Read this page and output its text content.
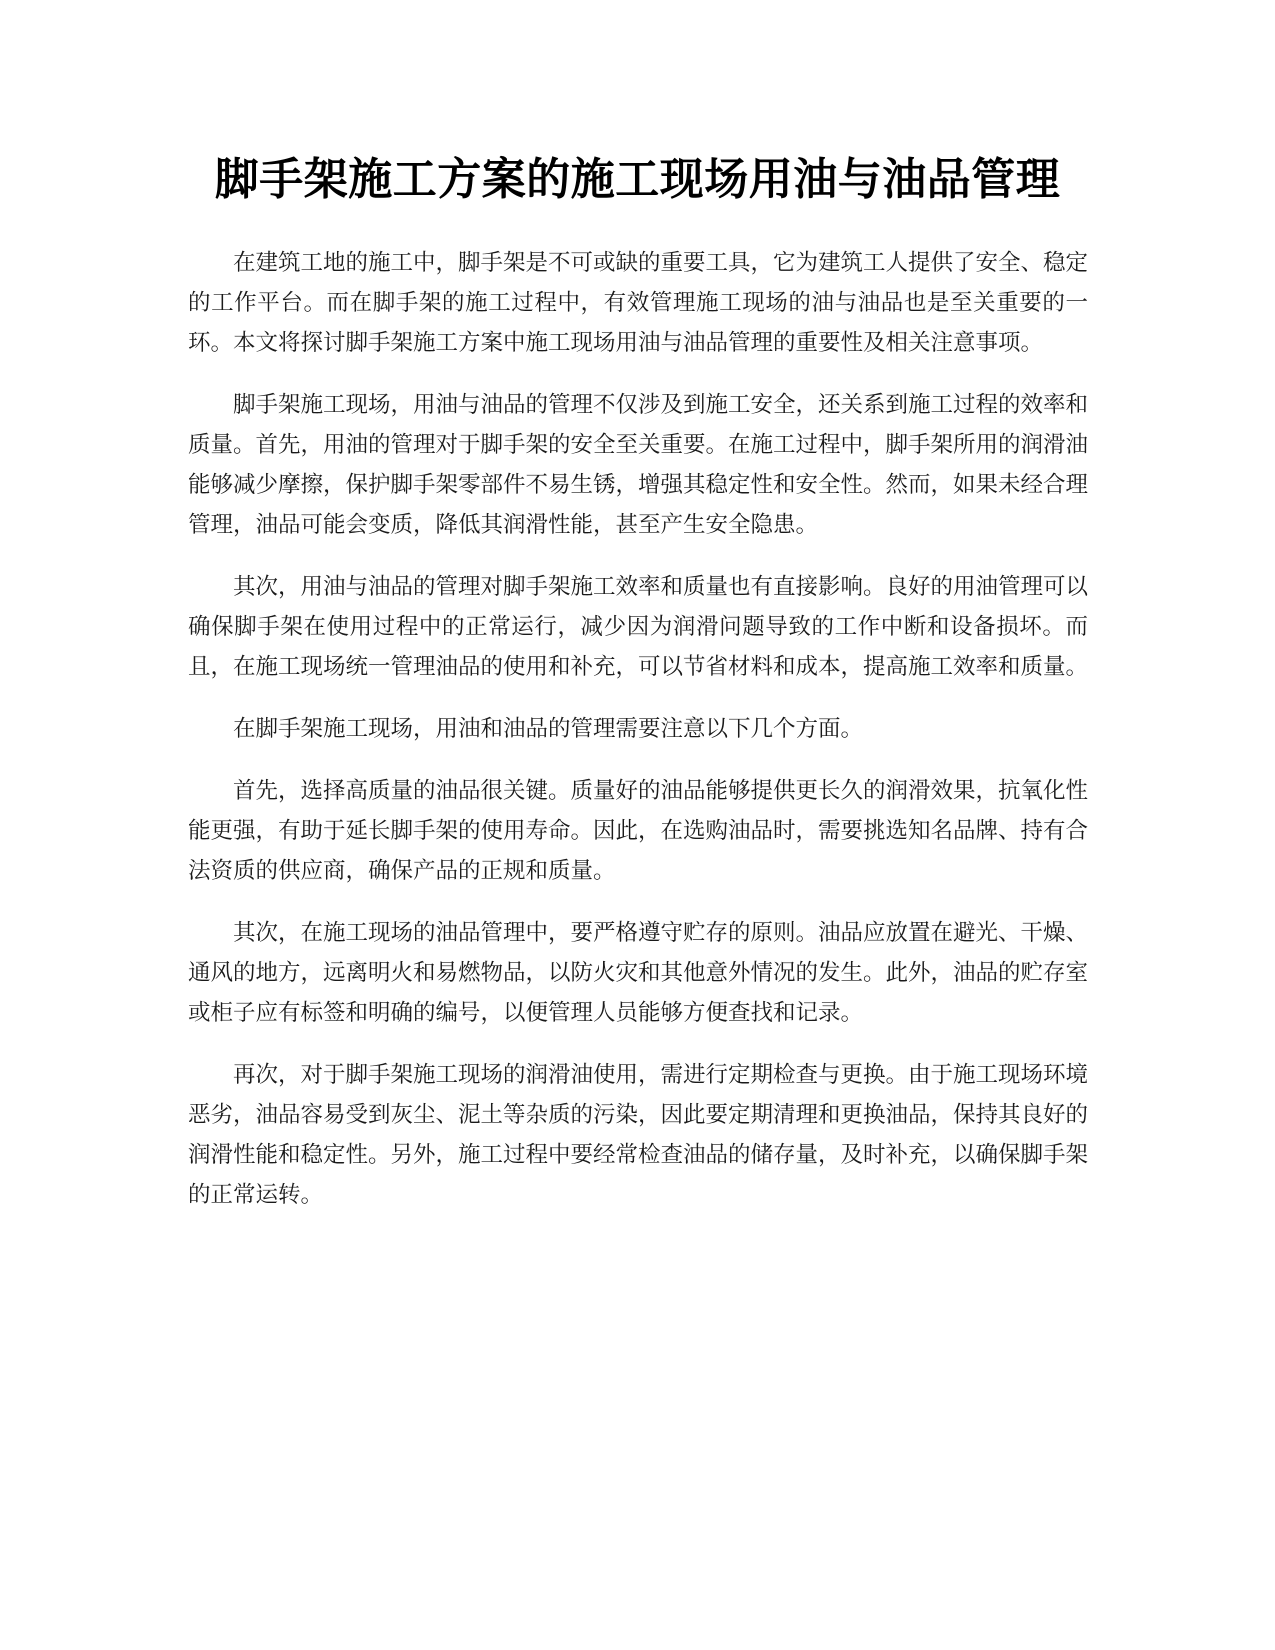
脚手架施工方案的施工现场用油与油品管理

在建筑工地的施工中，脚手架是不可或缺的重要工具，它为建筑工人提供了安全、稳定的工作平台。而在脚手架的施工过程中，有效管理施工现场的油与油品也是至关重要的一环。本文将探讨脚手架施工方案中施工现场用油与油品管理的重要性及相关注意事项。

脚手架施工现场，用油与油品的管理不仅涉及到施工安全，还关系到施工过程的效率和质量。首先，用油的管理对于脚手架的安全至关重要。在施工过程中，脚手架所用的润滑油能够减少摩擦，保护脚手架零部件不易生锈，增强其稳定性和安全性。然而，如果未经合理管理，油品可能会变质，降低其润滑性能，甚至产生安全隐患。

其次，用油与油品的管理对脚手架施工效率和质量也有直接影响。良好的用油管理可以确保脚手架在使用过程中的正常运行，减少因为润滑问题导致的工作中断和设备损坏。而且，在施工现场统一管理油品的使用和补充，可以节省材料和成本，提高施工效率和质量。

在脚手架施工现场，用油和油品的管理需要注意以下几个方面。

首先，选择高质量的油品很关键。质量好的油品能够提供更长久的润滑效果，抗氧化性能更强，有助于延长脚手架的使用寿命。因此，在选购油品时，需要挑选知名品牌、持有合法资质的供应商，确保产品的正规和质量。

其次，在施工现场的油品管理中，要严格遵守贮存的原则。油品应放置在避光、干燥、通风的地方，远离明火和易燃物品，以防火灾和其他意外情况的发生。此外，油品的贮存室或柜子应有标签和明确的编号，以便管理人员能够方便查找和记录。

再次，对于脚手架施工现场的润滑油使用，需进行定期检查与更换。由于施工现场环境恶劣，油品容易受到灰尘、泥土等杂质的污染，因此要定期清理和更换油品，保持其良好的润滑性能和稳定性。另外，施工过程中要经常检查油品的储存量，及时补充，以确保脚手架的正常运转。
